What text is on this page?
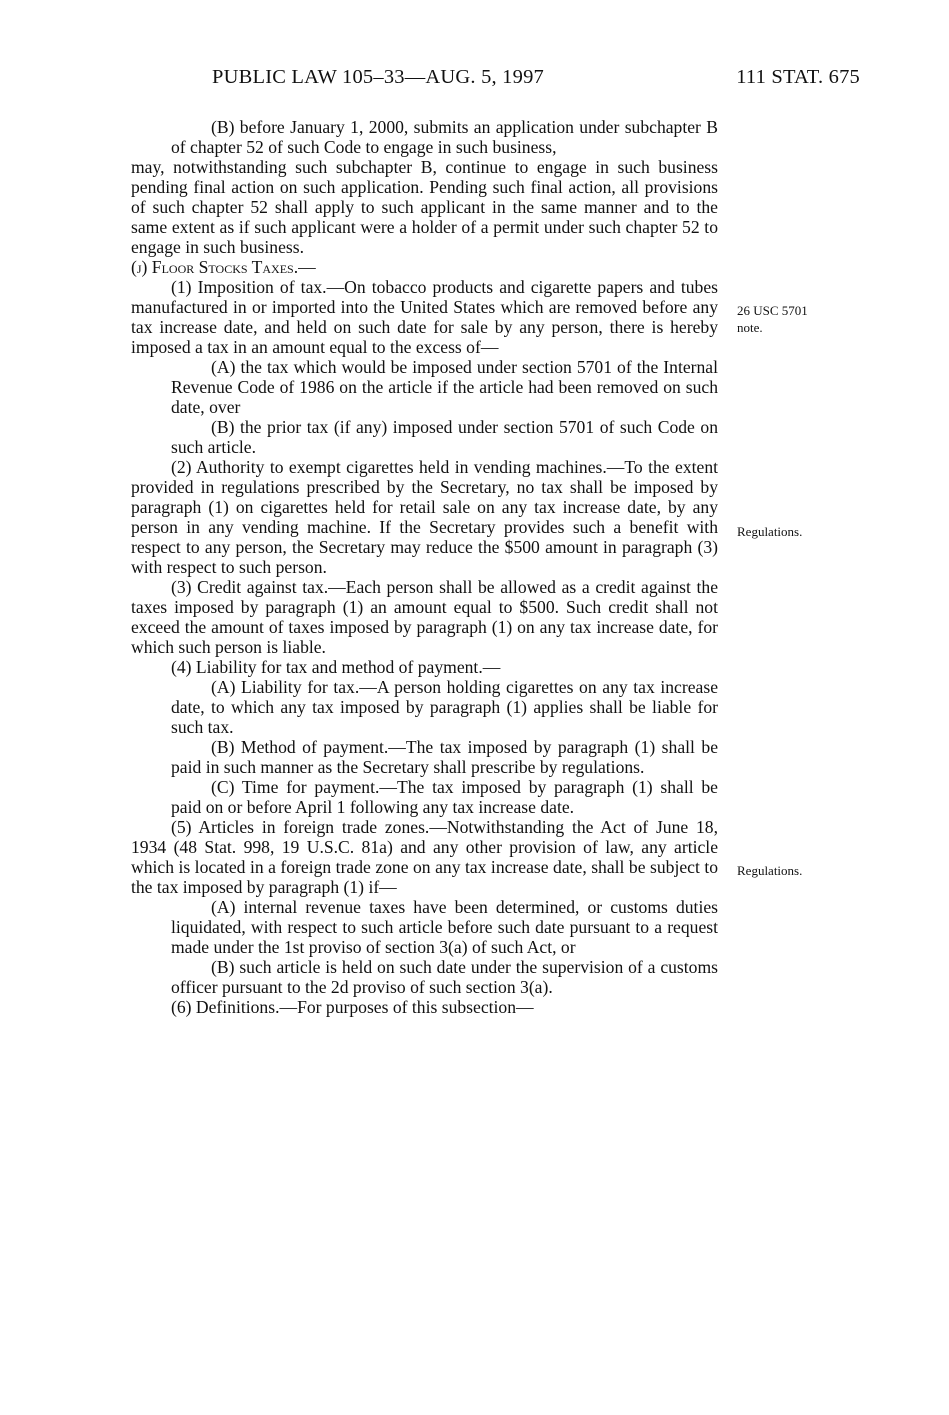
PUBLIC LAW 105–33—AUG. 5, 1997	111 STAT. 675
26 USC 5701
note.
Regulations.
Regulations.

(B) before January 1, 2000, submits an application under subchapter B of chapter 52 of such Code to engage in such business,

may, notwithstanding such subchapter B, continue to engage in such business pending final action on such application. Pending such final action, all provisions of such chapter 52 shall apply to such applicant in the same manner and to the same extent as if such applicant were a holder of a permit under such chapter 52 to engage in such business.

(j) Floor Stocks Taxes.—

(1) Imposition of tax.—On tobacco products and cigarette papers and tubes manufactured in or imported into the United States which are removed before any tax increase date, and held on such date for sale by any person, there is hereby imposed a tax in an amount equal to the excess of—

(A) the tax which would be imposed under section 5701 of the Internal Revenue Code of 1986 on the article if the article had been removed on such date, over

(B) the prior tax (if any) imposed under section 5701 of such Code on such article.

(2) Authority to exempt cigarettes held in vending machines.—To the extent provided in regulations prescribed by the Secretary, no tax shall be imposed by paragraph (1) on cigarettes held for retail sale on any tax increase date, by any person in any vending machine. If the Secretary provides such a benefit with respect to any person, the Secretary may reduce the $500 amount in paragraph (3) with respect to such person.

(3) Credit against tax.—Each person shall be allowed as a credit against the taxes imposed by paragraph (1) an amount equal to $500. Such credit shall not exceed the amount of taxes imposed by paragraph (1) on any tax increase date, for which such person is liable.

(4) Liability for tax and method of payment.—

(A) Liability for tax.—A person holding cigarettes on any tax increase date, to which any tax imposed by paragraph (1) applies shall be liable for such tax.

(B) Method of payment.—The tax imposed by paragraph (1) shall be paid in such manner as the Secretary shall prescribe by regulations.

(C) Time for payment.—The tax imposed by paragraph (1) shall be paid on or before April 1 following any tax increase date.

(5) Articles in foreign trade zones.—Notwithstanding the Act of June 18, 1934 (48 Stat. 998, 19 U.S.C. 81a) and any other provision of law, any article which is located in a foreign trade zone on any tax increase date, shall be subject to the tax imposed by paragraph (1) if—

(A) internal revenue taxes have been determined, or customs duties liquidated, with respect to such article before such date pursuant to a request made under the 1st proviso of section 3(a) of such Act, or

(B) such article is held on such date under the supervision of a customs officer pursuant to the 2d proviso of such section 3(a).

(6) Definitions.—For purposes of this subsection—
